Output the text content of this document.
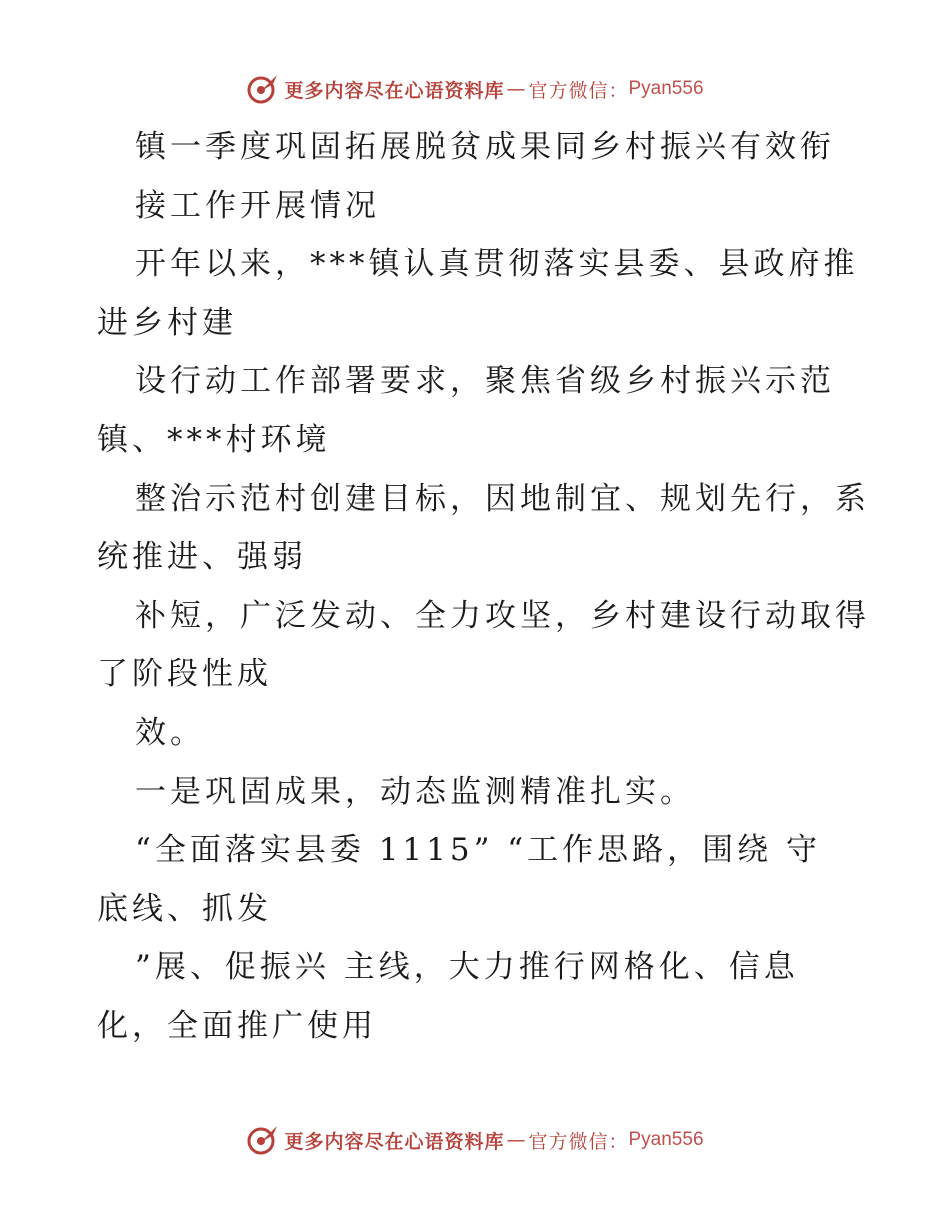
更多内容尽在心语资料库 — 官方微信： Pyan556
镇一季度巩固拓展脱贫成果同乡村振兴有效衔
接工作开展情况
开年以来，***镇认真贯彻落实县委、县政府推
进乡村建
设行动工作部署要求，聚焦省级乡村振兴示范
镇、***村环境
整治示范村创建目标，因地制宜、规划先行，系
统推进、强弱
补短，广泛发动、全力攻坚，乡村建设行动取得
了阶段性成
效。
一是巩固成果，动态监测精准扎实。
“全面落实县委 1115” “工作思路，围绕 守
底线、抓发
”展、促振兴 主线，大力推行网格化、信息
化，全面推广使用
更多内容尽在心语资料库 — 官方微信： Pyan556
